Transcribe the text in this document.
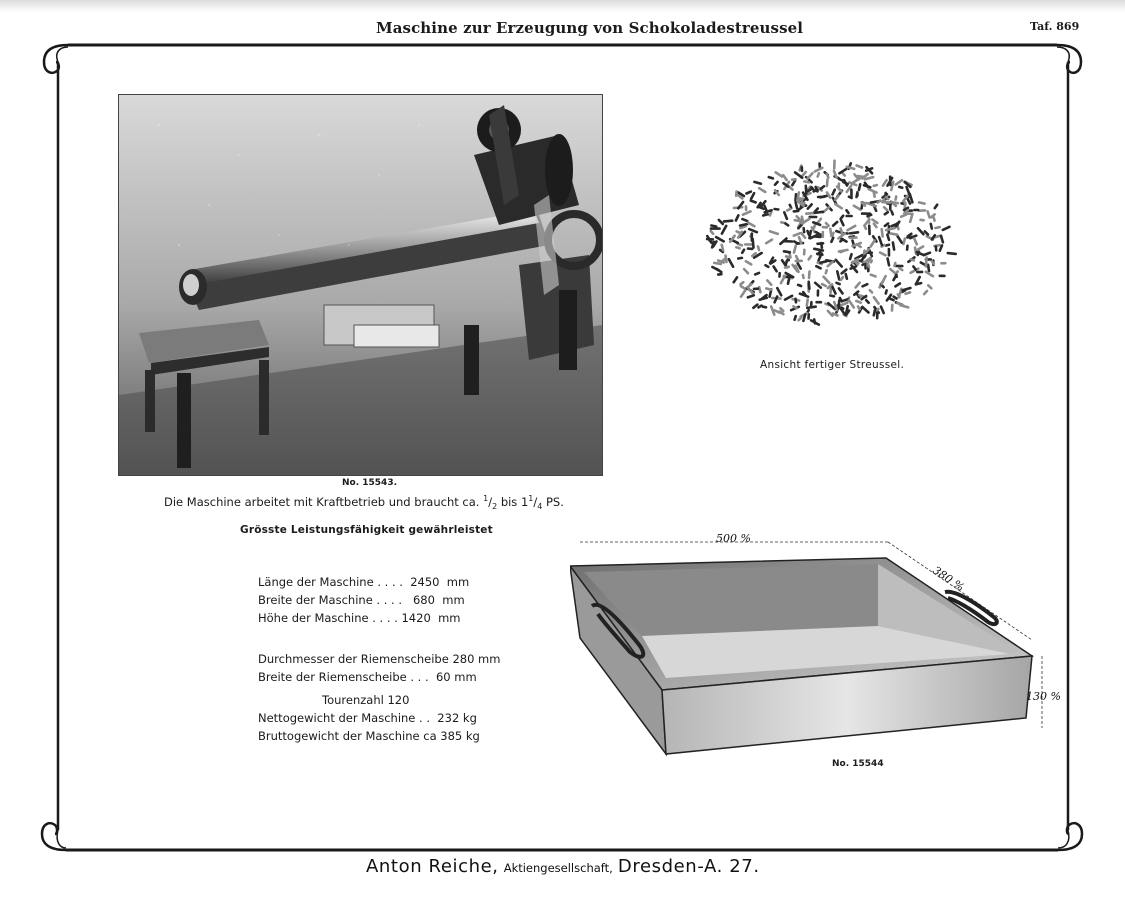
Maschine zur Erzeugung von Schokoladestreussel	Taf. 869
No. 15543.
Die Maschine arbeitet mit Kraftbetrieb und braucht ca. $^1/_2$ bis $1^1/_4$ PS.
Grösste Leistungsfähigkeit gewährleistet
Länge der Maschine . . . .  2450  mm
Breite der Maschine . . . .   680  mm
Höhe der Maschine . . . . 1420  mm
Durchmesser der Riemenscheibe 280 mm
Breite der Riemenscheibe . . .  60 mm
Tourenzahl 120
Nettogewicht der Maschine . .  232 kg
Bruttogewicht der Maschine ca 385 kg
Ansicht fertiger Streussel.
500 %
380 %
130 %
No. 15544
Anton Reiche, Aktiengesellschaft, Dresden-A. 27.
